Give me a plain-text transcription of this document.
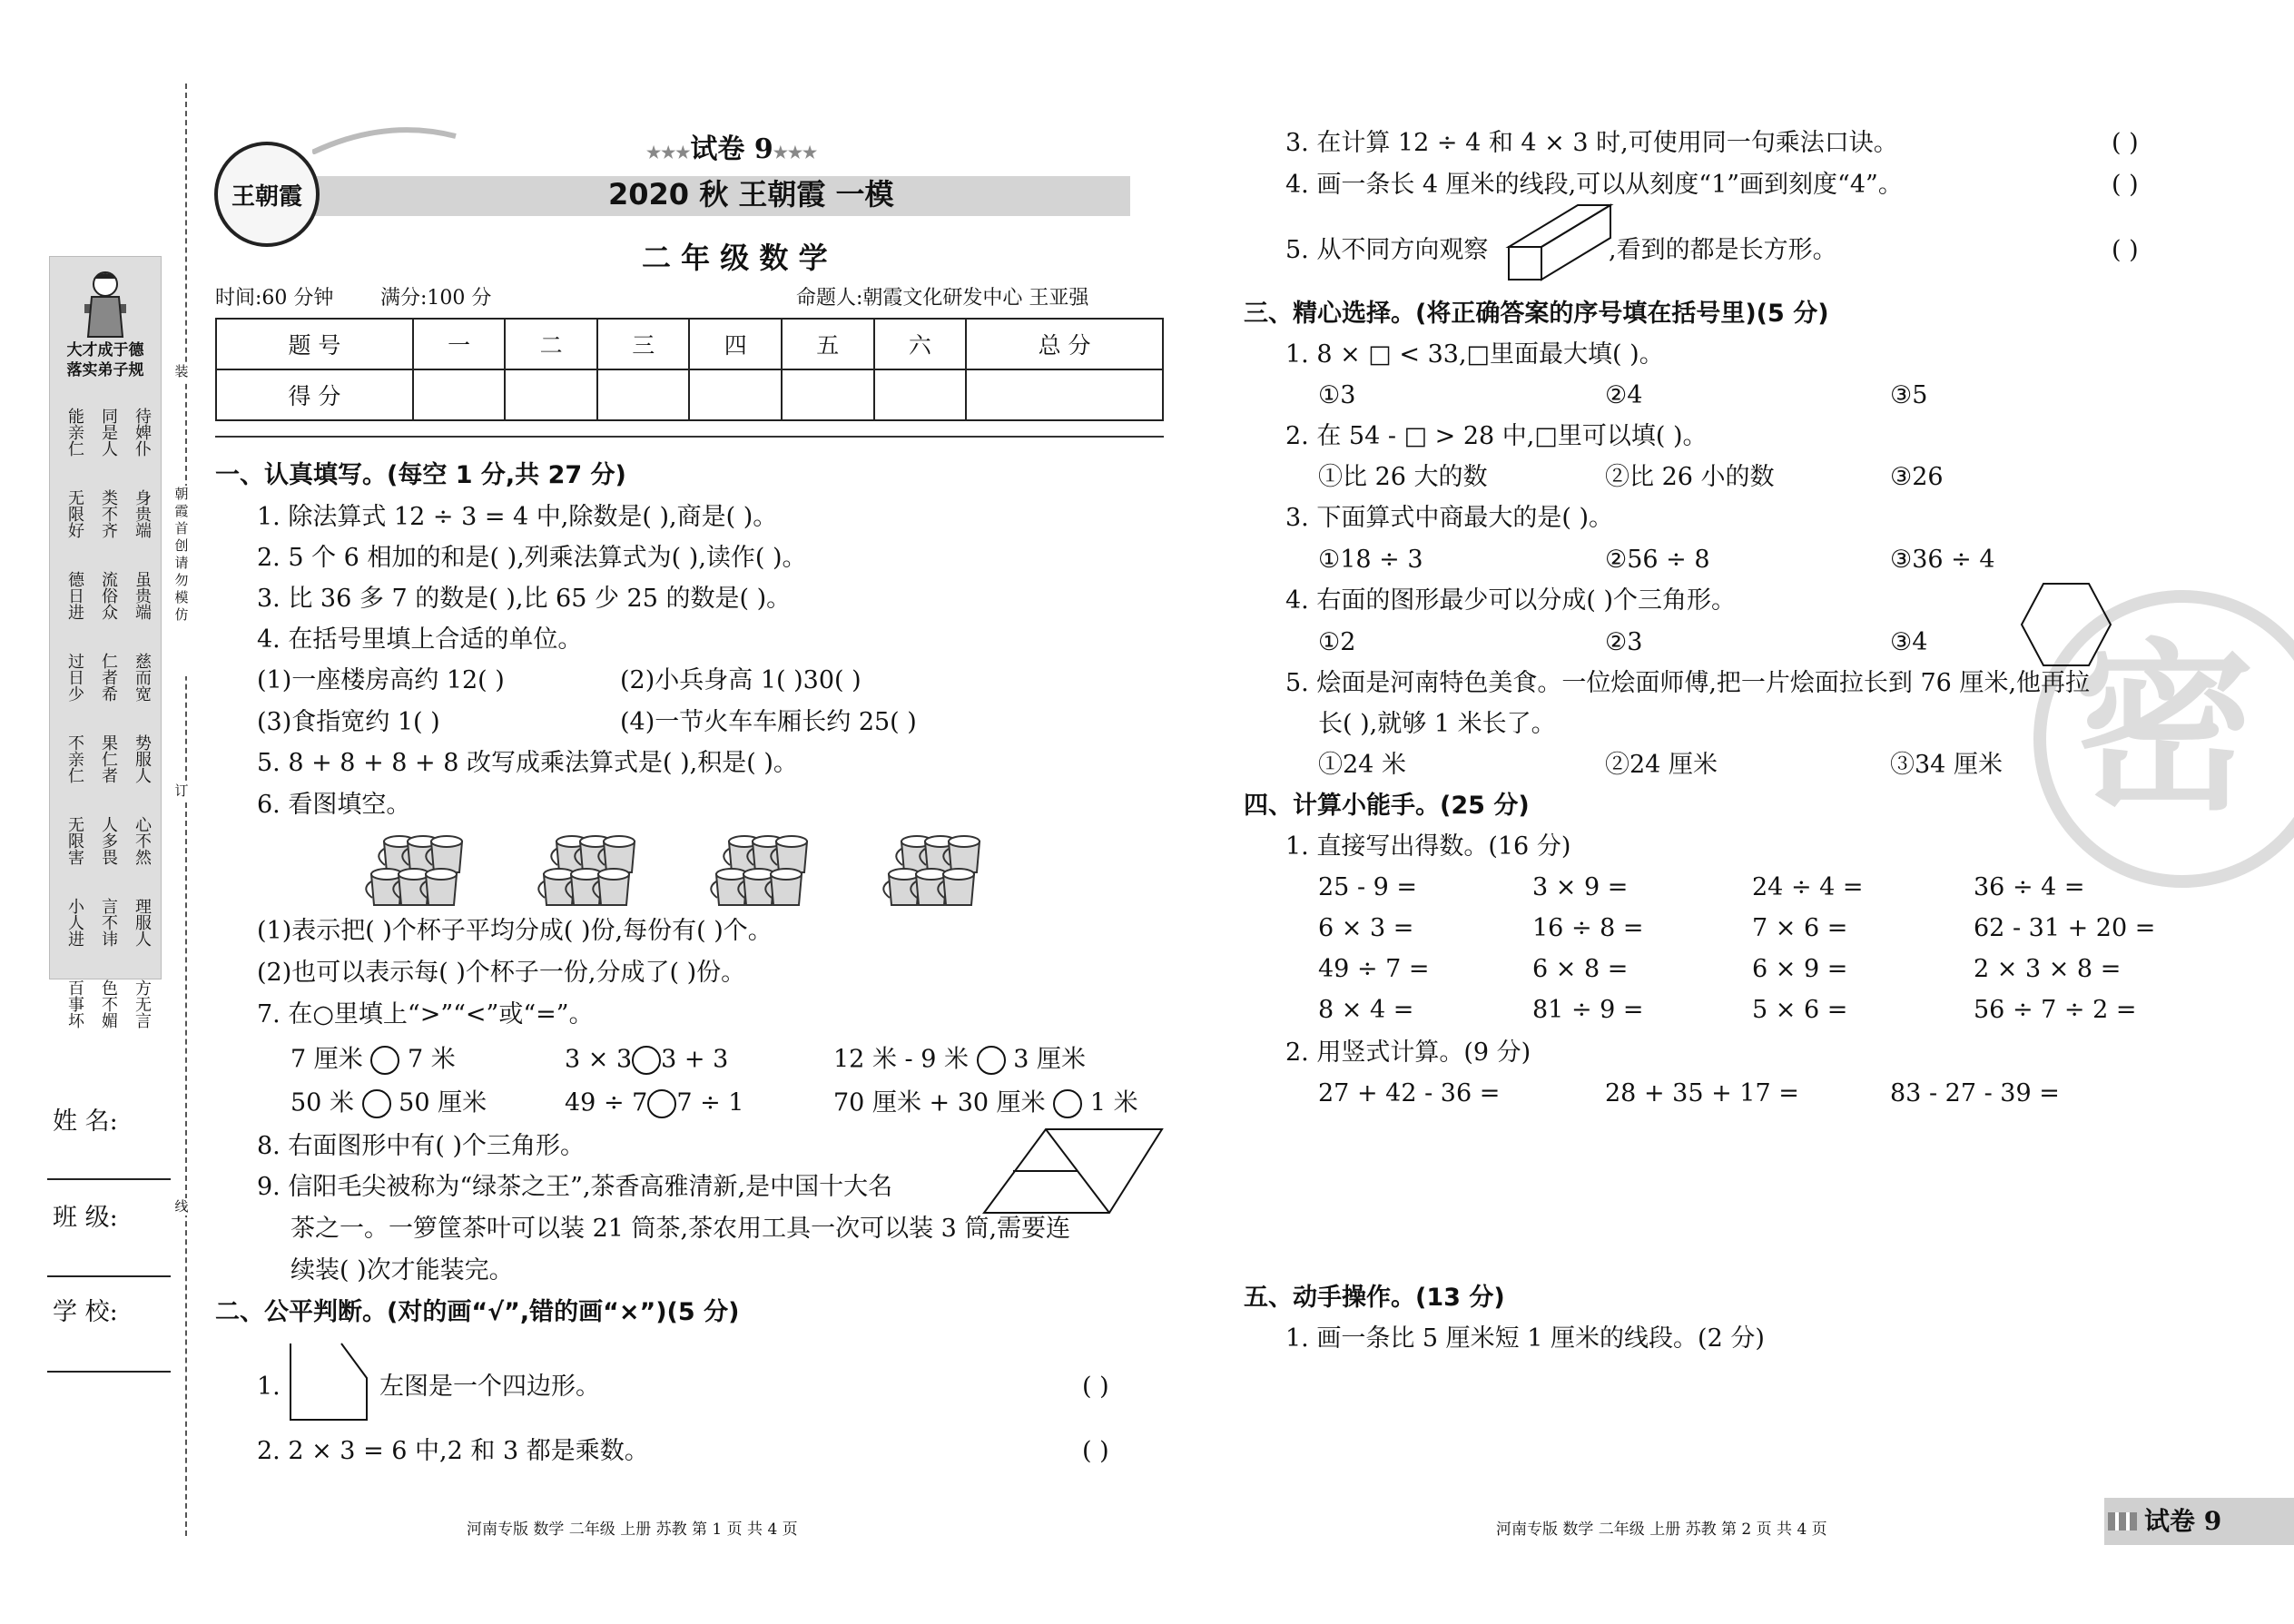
大才成于德
落实弟子规
能亲仁 同是人 待婢仆
无限好 类不齐 身贵端
德日进 流俗众 虽贵端
过日少 仁者希 慈而宽
不亲仁 果仁者 势服人
无限害 人多畏 心不然
小人进 言不讳 理服人
百事坏 色不媚 方无言
装
朝霞首创 请勿模仿
订
线
姓 名:
班 级:
学 校:
王朝霞
★★★试卷 9★★★
2020 秋 王朝霞 一模
二 年 级 数 学
时间:60 分钟 满分:100 分	命题人:朝霞文化研发中心 王亚强
题 号	一	二	三	四	五	六	总 分
得 分							
一、认真填写。(每空 1 分,共 27 分)
1. 除法算式 12 ÷ 3 = 4 中,除数是( ),商是( )。
2. 5 个 6 相加的和是( ),列乘法算式为( ),读作( )。
3. 比 36 多 7 的数是( ),比 65 少 25 的数是( )。
4. 在括号里填上合适的单位。
(1)一座楼房高约 12( )	(2)小兵身高 1( )30( )
(3)食指宽约 1( )	(4)一节火车车厢长约 25( )
5. 8 + 8 + 8 + 8 改写成乘法算式是( ),积是( )。
6. 看图填空。
(1)表示把( )个杯子平均分成( )份,每份有( )个。
(2)也可以表示每( )个杯子一份,分成了( )份。
7. 在○里填上“>”“<”或“=”。
7 厘米 7 米	3 × 3 3 + 3	12 米 - 9 米 3 厘米
50 米 50 厘米	49 ÷ 7 7 ÷ 1	70 厘米 + 30 厘米 1 米
8. 右面图形中有( )个三角形。
9. 信阳毛尖被称为“绿茶之王”,茶香高雅清新,是中国十大名
茶之一。一箩筐茶叶可以装 21 筒茶,茶农用工具一次可以装 3 筒,需要连
续装( )次才能装完。
二、公平判断。(对的画“√”,错的画“×”)(5 分)
1.	左图是一个四边形。	( )
2. 2 × 3 = 6 中,2 和 3 都是乘数。	( )
河南专版 数学 二年级 上册 苏教 第 1 页 共 4 页
密
3. 在计算 12 ÷ 4 和 4 × 3 时,可使用同一句乘法口诀。	( )
4. 画一条长 4 厘米的线段,可以从刻度“1”画到刻度“4”。	( )
5. 从不同方向观察	,看到的都是长方形。	( )
三、精心选择。(将正确答案的序号填在括号里)(5 分)
1. 8 × □ < 33,□里面最大填( )。
①3	②4	③5
2. 在 54 - □ > 28 中,□里可以填( )。
①比 26 大的数	②比 26 小的数	③26
3. 下面算式中商最大的是( )。
①18 ÷ 3	②56 ÷ 8	③36 ÷ 4
4. 右面的图形最少可以分成( )个三角形。
①2	②3	③4
5. 烩面是河南特色美食。一位烩面师傅,把一片烩面拉长到 76 厘米,他再拉
长( ),就够 1 米长了。
①24 米	②24 厘米	③34 厘米
四、计算小能手。(25 分)
1. 直接写出得数。(16 分)
25 - 9 =	3 × 9 =	24 ÷ 4 =	36 ÷ 4 =
6 × 3 =	16 ÷ 8 =	7 × 6 =	62 - 31 + 20 =
49 ÷ 7 =	6 × 8 =	6 × 9 =	2 × 3 × 8 =
8 × 4 =	81 ÷ 9 =	5 × 6 =	56 ÷ 7 ÷ 2 =
2. 用竖式计算。(9 分)
27 + 42 - 36 =	28 + 35 + 17 =	83 - 27 - 39 =
五、动手操作。(13 分)
1. 画一条比 5 厘米短 1 厘米的线段。(2 分)
河南专版 数学 二年级 上册 苏教 第 2 页 共 4 页	试卷 9
